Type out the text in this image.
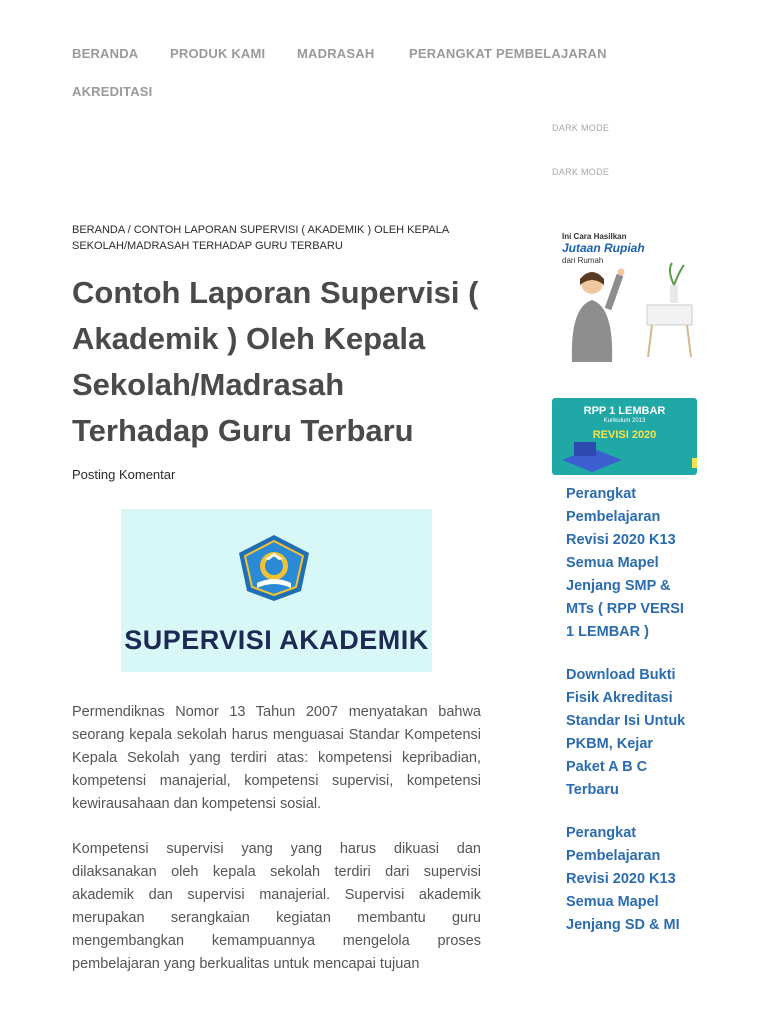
BERANDA PRODUK KAMI MADRASAH	PERANGKAT PEMBELAJARAN
AKREDITASI
DARK MODE
DARK MODE
BERANDA / CONTOH LAPORAN SUPERVISI ( AKADEMIK ) OLEH KEPALA SEKOLAH/MADRASAH TERHADAP GURU TERBARU
Contoh Laporan Supervisi ( Akademik ) Oleh Kepala Sekolah/Madrasah Terhadap Guru Terbaru
Posting Komentar
SUPERVISI AKADEMIK

Permendiknas Nomor 13 Tahun 2007 menyatakan bahwa seorang kepala sekolah harus menguasai Standar Kompetensi Kepala Sekolah yang terdiri atas: kompetensi kepribadian, kompetensi manajerial, kompetensi supervisi, kompetensi kewirausahaan dan kompetensi sosial.

Kompetensi supervisi yang yang harus dikuasi dan dilaksanakan oleh kepala sekolah terdiri dari supervisi akademik dan supervisi manajerial. Supervisi akademik merupakan serangkaian kegiatan membantu guru mengembangkan kemampuannya mengelola proses pembelajaran yang berkualitas untuk mencapai tujuan

Ini Cara Hasilkan
Jutaan Rupiah
dari Rumah
RPP 1 LEMBAR
Kurikulum 2013
REVISI 2020
Perangkat Pembelajaran Revisi 2020 K13 Semua Mapel Jenjang SMP & MTs ( RPP VERSI 1 LEMBAR )
Download Bukti Fisik Akreditasi Standar Isi Untuk PKBM, Kejar Paket A B C Terbaru
Perangkat Pembelajaran Revisi 2020 K13 Semua Mapel Jenjang SD & MI
